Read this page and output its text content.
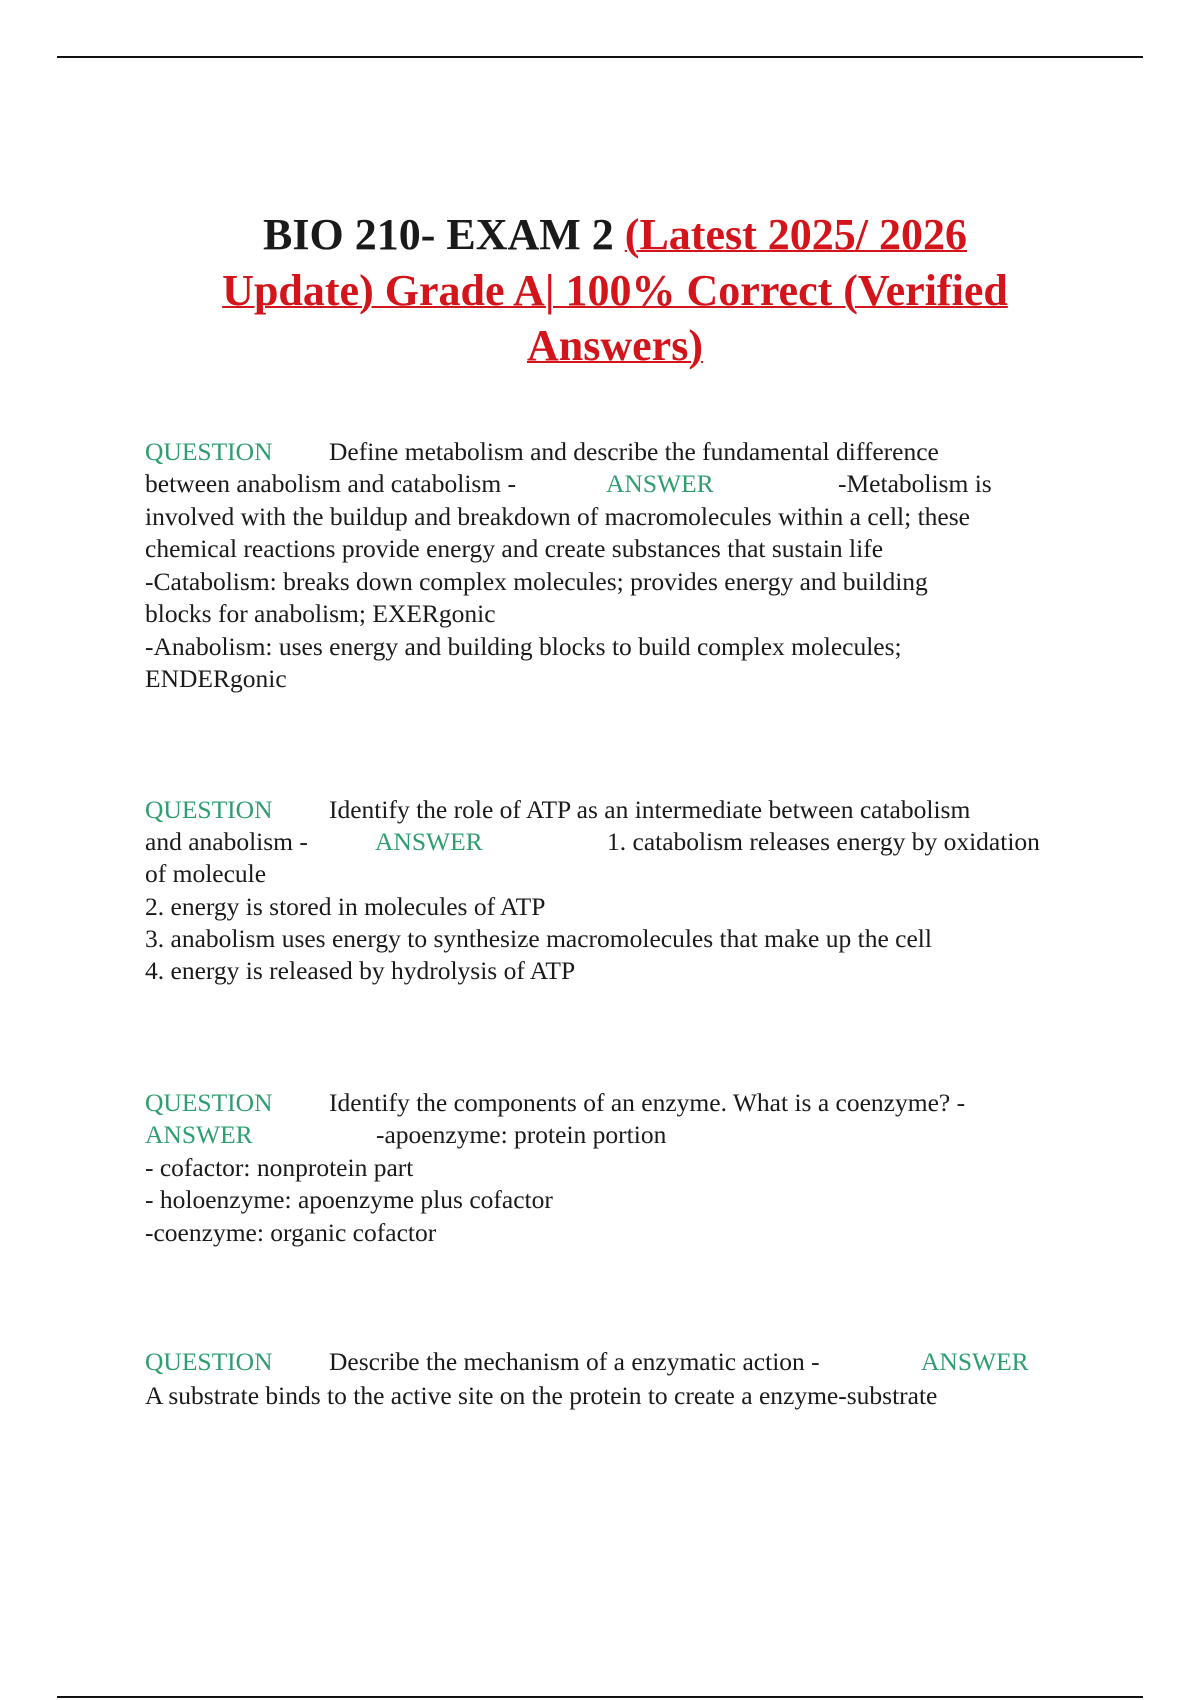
BIO 210- EXAM 2 (Latest 2025/ 2026
Update) Grade A| 100% Correct (Verified
Answers)
QUESTION Define metabolism and describe the fundamental difference
between anabolism and catabolism -	ANSWER	-Metabolism is
involved with the buildup and breakdown of macromolecules within a cell; these
chemical reactions provide energy and create substances that sustain life
-Catabolism: breaks down complex molecules; provides energy and building
blocks for anabolism; EXERgonic
-Anabolism: uses energy and building blocks to build complex molecules;
ENDERgonic
QUESTION Identify the role of ATP as an intermediate between catabolism
and anabolism -	ANSWER	1. catabolism releases energy by oxidation
of molecule
2. energy is stored in molecules of ATP
3. anabolism uses energy to synthesize macromolecules that make up the cell
4. energy is released by hydrolysis of ATP
QUESTION Identify the components of an enzyme. What is a coenzyme? -
ANSWER	-apoenzyme: protein portion
- cofactor: nonprotein part
- holoenzyme: apoenzyme plus cofactor
-coenzyme: organic cofactor
QUESTION Describe the mechanism of a enzymatic action -	ANSWER
A substrate binds to the active site on the protein to create a enzyme-substrate
